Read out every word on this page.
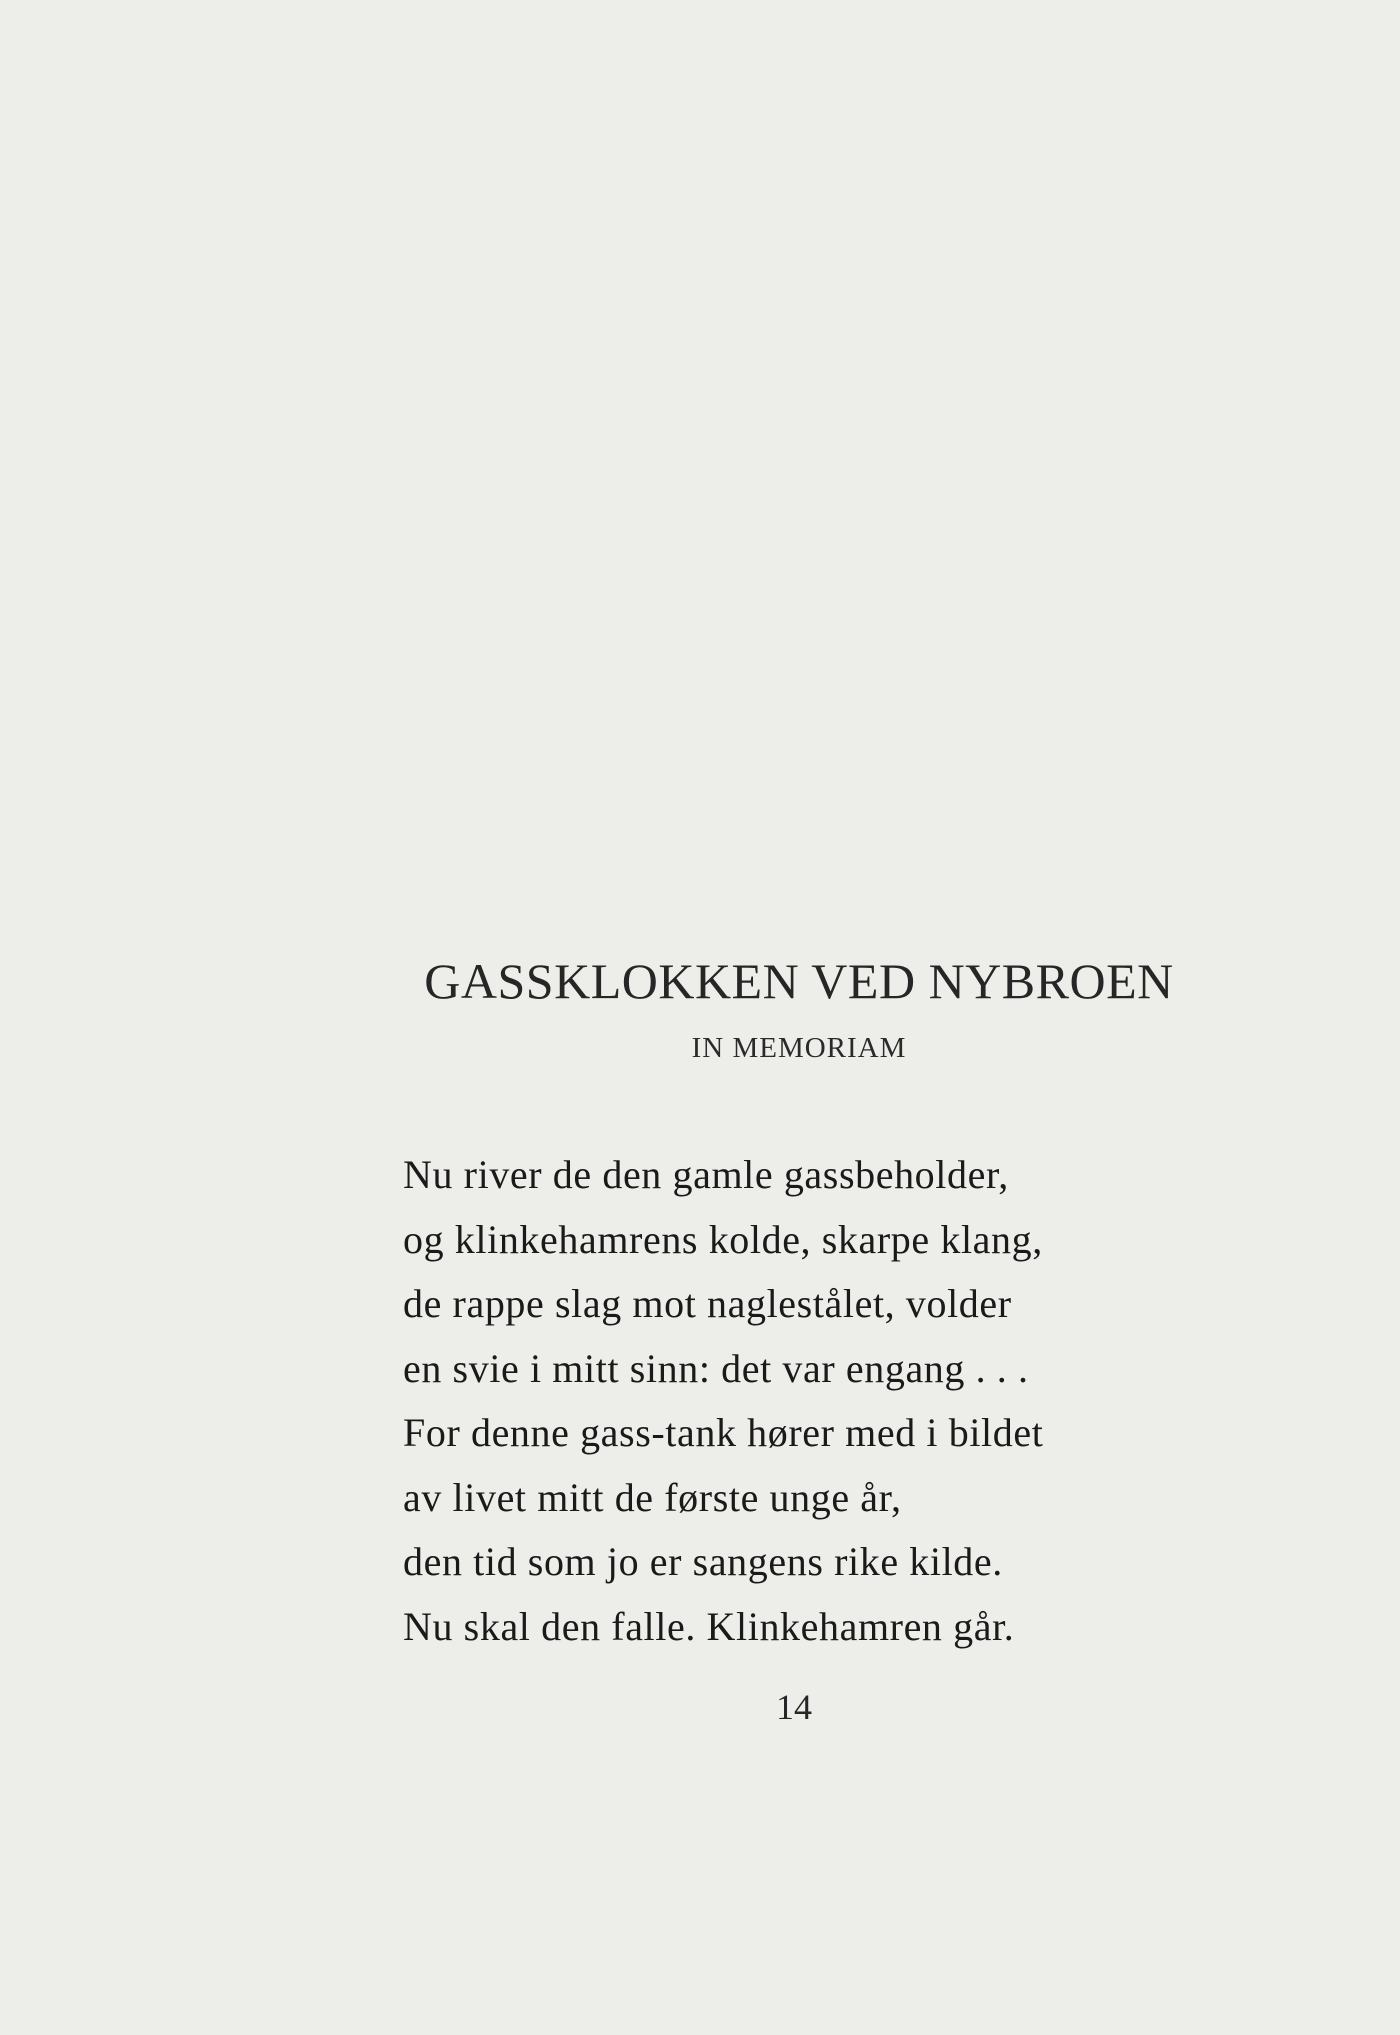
GASSKLOKKEN VED NYBROEN
IN MEMORIAM
Nu river de den gamle gassbeholder,
og klinkehamrens kolde, skarpe klang,
de rappe slag mot naglestålet, volder
en svie i mitt sinn: det var engang . . .
For denne gass-tank hører med i bildet
av livet mitt de første unge år,
den tid som jo er sangens rike kilde.
Nu skal den falle. Klinkehamren går.
14
